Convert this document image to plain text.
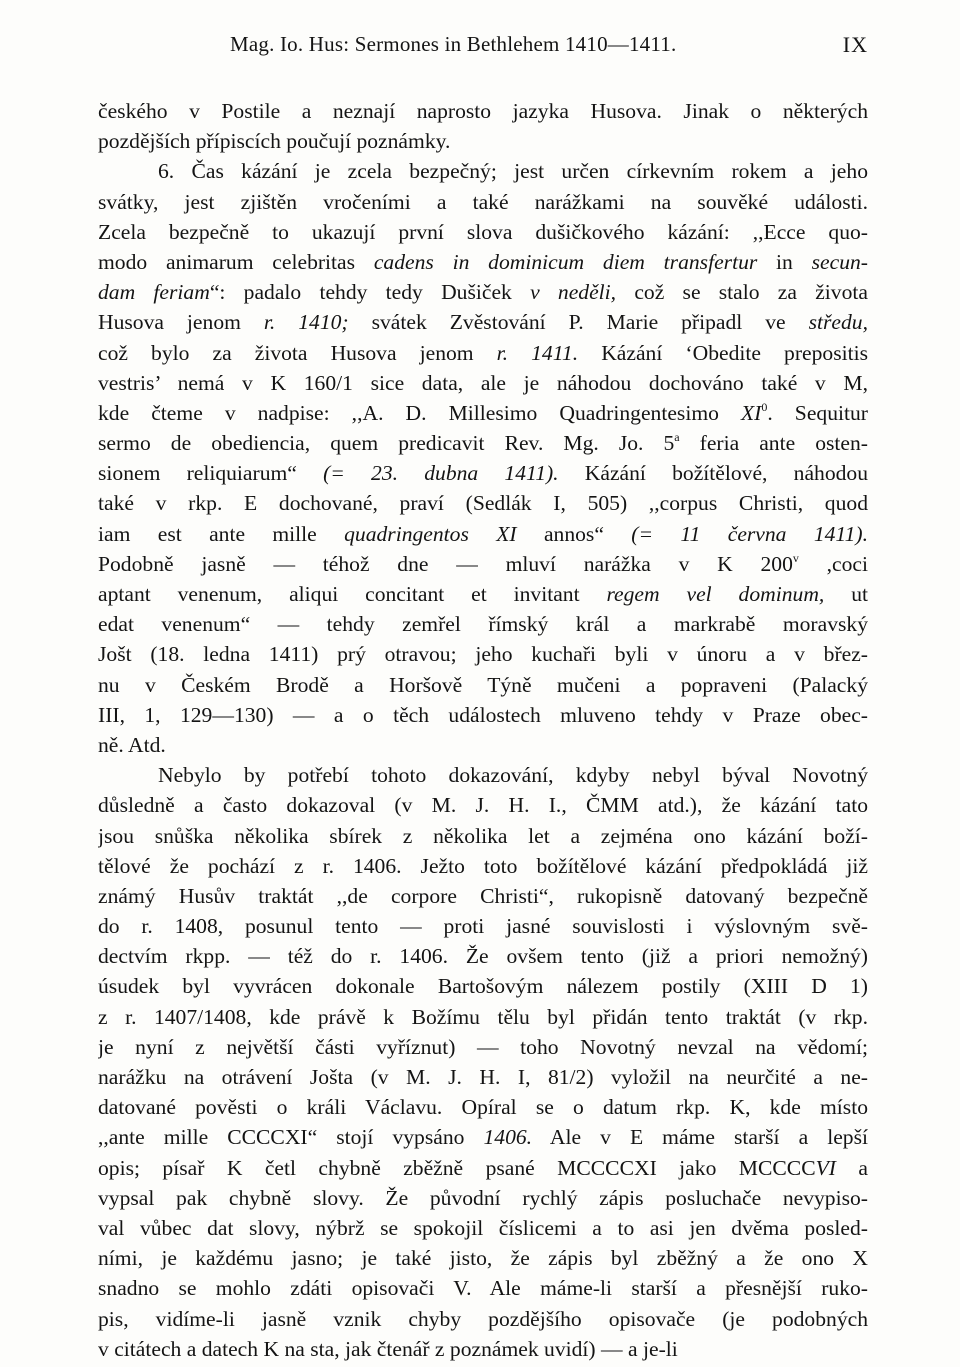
Mag. Io. Hus: Sermones in Bethlehem 1410—1411.	IX
českého v Postile a neznají naprosto jazyka Husova. Jinak o některých
pozdějších přípiscích poučují poznámky.
6. Čas kázání je zcela bezpečný; jest určen církevním rokem a jeho
svátky, jest zjištěn vročeními a také narážkami na souvěké události.
Zcela bezpečně to ukazují první slova dušičkového kázání: ,,Ecce quo-
modo animarum celebritas cadens in dominicum diem transfertur in secun-
dam feriam“: padalo tehdy tedy Dušiček v neděli, což se stalo za života
Husova jenom r. 1410; svátek Zvěstování P. Marie připadl ve středu,
což bylo za života Husova jenom r. 1411. Kázání ‘Obedite prepositis
vestris’ nemá v K 160/1 sice data, ale je náhodou dochováno také v M,
kde čteme v nadpise: ,,A. D. Millesimo Quadringentesimo $XI^0$. Sequitur
sermo de obediencia, quem predicavit Rev. Mg. Jo. 5$^a$ feria ante osten-
sionem reliquiarum“ (= 23. dubna 1411). Kázání božítělové, náhodou
také v rkp. E dochované, praví (Sedlák I, 505) ,,corpus Christi, quod
iam est ante mille quadringentos XI annos“ (= 11 června 1411).
Podobně jasně — téhož dne — mluví narážka v K 200$^v$ ,coci
aptant venenum, aliqui concitant et invitant regem vel dominum, ut
edat venenum“ — tehdy zemřel římský král a markrabě moravský
Jošt (18. ledna 1411) prý otravou; jeho kuchaři byli v únoru a v břez-
nu v Českém Brodě a Horšově Týně mučeni a popraveni (Palacký
III, 1, 129—130) — a o těch událostech mluveno tehdy v Praze obec-
ně. Atd.
Nebylo by potřebí tohoto dokazování, kdyby nebyl býval Novotný
důsledně a často dokazoval (v M. J. H. I., ČMM atd.), že kázání tato
jsou snůška několika sbírek z několika let a zejména ono kázání boží-
tělové že pochází z r. 1406. Ježto toto božítělové kázání předpokládá již
známý Husův traktát ,,de corpore Christi“, rukopisně datovaný bezpečně
do r. 1408, posunul tento — proti jasné souvislosti i výslovným svě-
dectvím rkpp. — též do r. 1406. Že ovšem tento (již a priori nemožný)
úsudek byl vyvrácen dokonale Bartošovým nálezem postily (XIII D 1)
z r. 1407/1408, kde právě k Božímu tělu byl přidán tento traktát (v rkp.
je nyní z největší části vyříznut) — toho Novotný nevzal na vědomí;
narážku na otrávení Jošta (v M. J. H. I, 81/2) vyložil na neurčité a ne-
datované pověsti o králi Václavu. Opíral se o datum rkp. K, kde místo
,,ante mille CCCCXI“ stojí vypsáno 1406. Ale v E máme starší a lepší
opis; písař K četl chybně zběžně psané MCCCCXI jako MCCCCVI a
vypsal pak chybně slovy. Že původní rychlý zápis posluchače nevypiso-
val vůbec dat slovy, nýbrž se spokojil číslicemi a to asi jen dvěma posled-
ními, je každému jasno; je také jisto, že zápis byl zběžný a že ono X
snadno se mohlo zdáti opisovači V. Ale máme-li starší a přesnější ruko-
pis, vidíme-li jasně vznik chyby pozdějšího opisovače (je podobných
v citátech a datech K na sta, jak čtenář z poznámek uvidí) — a je-li
